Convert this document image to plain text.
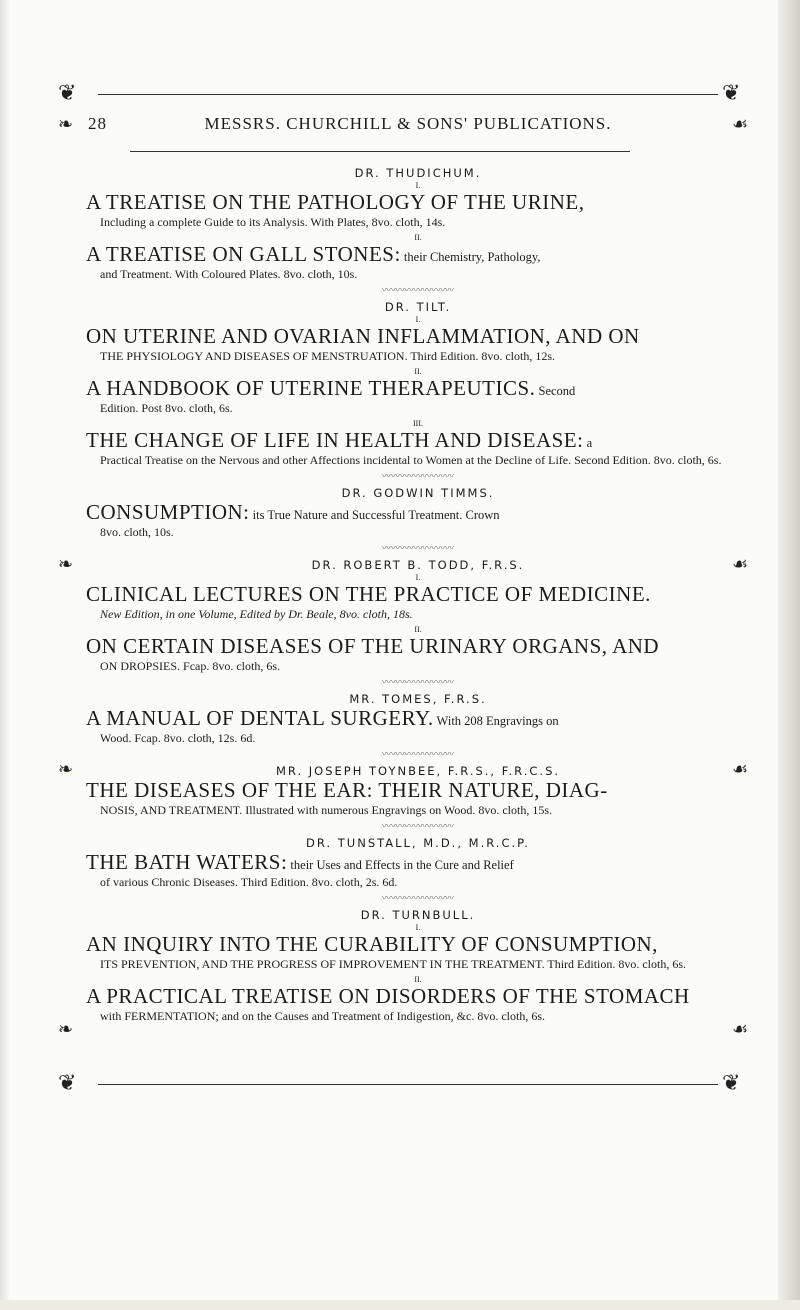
❦	❦
28	MESSRS. CHURCHILL & SONS' PUBLICATIONS.
❧	☙
❧	☙
❧	☙
❧	☙

DR. THUDICHUM.

I.

A TREATISE ON THE PATHOLOGY OF THE URINE,

Including a complete Guide to its Analysis. With Plates, 8vo. cloth, 14s.

II.

A TREATISE ON GALL STONES: their Chemistry, Pathology,

and Treatment. With Coloured Plates. 8vo. cloth, 10s.

〰〰〰〰〰〰〰〰

DR. TILT.

I.

ON UTERINE AND OVARIAN INFLAMMATION, AND ON

THE PHYSIOLOGY AND DISEASES OF MENSTRUATION. Third Edition. 8vo. cloth, 12s.

II.

A HANDBOOK OF UTERINE THERAPEUTICS. Second

Edition. Post 8vo. cloth, 6s.

III.

THE CHANGE OF LIFE IN HEALTH AND DISEASE: a

Practical Treatise on the Nervous and other Affections incidental to Women at the Decline of Life. Second Edition. 8vo. cloth, 6s.

〰〰〰〰〰〰〰〰

DR. GODWIN TIMMS.

CONSUMPTION: its True Nature and Successful Treatment. Crown

8vo. cloth, 10s.

〰〰〰〰〰〰〰〰

DR. ROBERT B. TODD, F.R.S.

I.

CLINICAL LECTURES ON THE PRACTICE OF MEDICINE.

New Edition, in one Volume, Edited by Dr. Beale, 8vo. cloth, 18s.

II.

ON CERTAIN DISEASES OF THE URINARY ORGANS, AND

ON DROPSIES. Fcap. 8vo. cloth, 6s.

〰〰〰〰〰〰〰〰

MR. TOMES, F.R.S.

A MANUAL OF DENTAL SURGERY. With 208 Engravings on

Wood. Fcap. 8vo. cloth, 12s. 6d.

〰〰〰〰〰〰〰〰

MR. JOSEPH TOYNBEE, F.R.S., F.R.C.S.

THE DISEASES OF THE EAR: THEIR NATURE, DIAG-

NOSIS, AND TREATMENT. Illustrated with numerous Engravings on Wood. 8vo. cloth, 15s.

〰〰〰〰〰〰〰〰

DR. TUNSTALL, M.D., M.R.C.P.

THE BATH WATERS: their Uses and Effects in the Cure and Relief

of various Chronic Diseases. Third Edition. 8vo. cloth, 2s. 6d.

〰〰〰〰〰〰〰〰

DR. TURNBULL.

I.

AN INQUIRY INTO THE CURABILITY OF CONSUMPTION,

ITS PREVENTION, AND THE PROGRESS OF IMPROVEMENT IN THE TREATMENT. Third Edition. 8vo. cloth, 6s.

II.

A PRACTICAL TREATISE ON DISORDERS OF THE STOMACH

with FERMENTATION; and on the Causes and Treatment of Indigestion, &c. 8vo. cloth, 6s.

❦	❦
